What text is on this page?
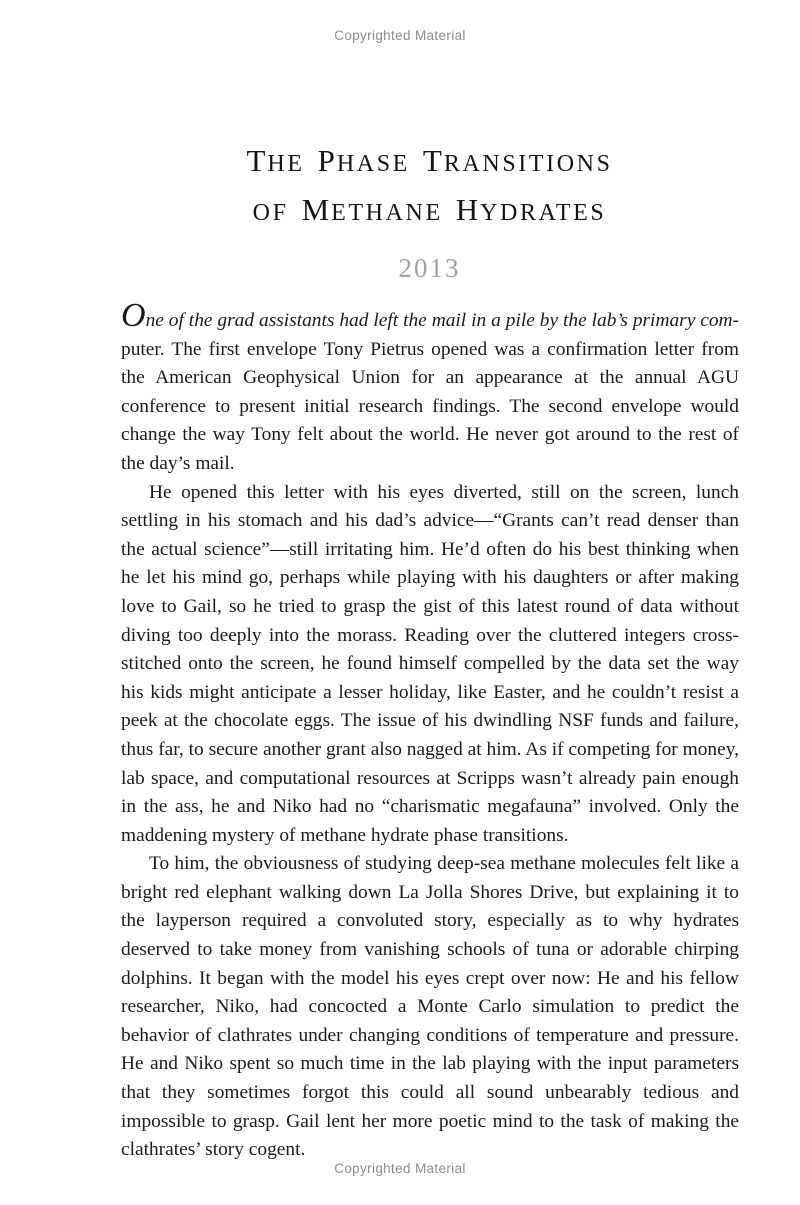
Copyrighted Material
THE PHASE TRANSITIONS
OF METHANE HYDRATES
2013

One of the grad assistants had left the mail in a pile by the lab’s primary com-puter. The first envelope Tony Pietrus opened was a confirmation letter from the American Geophysical Union for an appearance at the annual AGU conference to present initial research findings. The second envelope would change the way Tony felt about the world. He never got around to the rest of the day’s mail.

He opened this letter with his eyes diverted, still on the screen, lunch settling in his stomach and his dad’s advice—“Grants can’t read denser than the actual science”—still irritating him. He’d often do his best thinking when he let his mind go, perhaps while playing with his daughters or after making love to Gail, so he tried to grasp the gist of this latest round of data without diving too deeply into the morass. Reading over the cluttered integers cross-stitched onto the screen, he found himself compelled by the data set the way his kids might anticipate a lesser holiday, like Easter, and he couldn’t resist a peek at the chocolate eggs. The issue of his dwindling NSF funds and failure, thus far, to secure another grant also nagged at him. As if competing for money, lab space, and computational resources at Scripps wasn’t already pain enough in the ass, he and Niko had no “charismatic megafauna” involved. Only the maddening mystery of methane hydrate phase transitions.

To him, the obviousness of studying deep-sea methane molecules felt like a bright red elephant walking down La Jolla Shores Drive, but explaining it to the layperson required a convoluted story, especially as to why hydrates deserved to take money from vanishing schools of tuna or adorable chirping dolphins. It began with the model his eyes crept over now: He and his fellow researcher, Niko, had concocted a Monte Carlo simulation to predict the behavior of clathrates under changing conditions of temperature and pressure. He and Niko spent so much time in the lab playing with the input parameters that they sometimes forgot this could all sound unbearably tedious and impossible to grasp. Gail lent her more poetic mind to the task of making the clathrates’ story cogent.

Copyrighted Material
